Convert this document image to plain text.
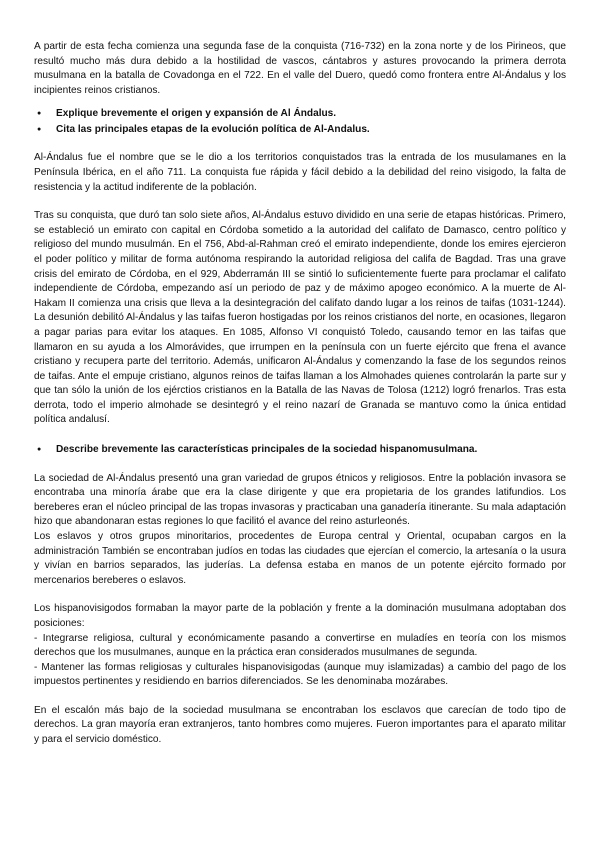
A partir de esta fecha comienza una segunda fase de la conquista (716-732) en la zona norte y de los Pirineos, que resultó mucho más dura debido a la hostilidad de vascos, cántabros y astures provocando la primera derrota musulmana en la batalla de Covadonga en el 722. En el valle del Duero, quedó como frontera entre Al-Ándalus y los incipientes reinos cristianos.

● Explique brevemente el origen y expansión de Al Ándalus.
● Cita las principales etapas de la evolución política de Al-Andalus.

Al-Ándalus fue el nombre que se le dio a los territorios conquistados tras la entrada de los musulamanes en la Península Ibérica, en el año 711. La conquista fue rápida y fácil debido a la debilidad del reino visigodo, la falta de resistencia y la actitud indiferente de la población.

Tras su conquista, que duró tan solo siete años, Al-Ándalus estuvo dividido en una serie de etapas históricas. Primero, se estableció un emirato con capital en Córdoba sometido a la autoridad del califato de Damasco, centro político y religioso del mundo musulmán. En el 756, Abd-al-Rahman creó el emirato independiente, donde los emires ejercieron el poder político y militar de forma autónoma respirando la autoridad religiosa del califa de Bagdad. Tras una grave crisis del emirato de Córdoba, en el 929, Abderramán III se sintió lo suficientemente fuerte para proclamar el califato independiente de Córdoba, empezando así un periodo de paz y de máximo apogeo económico. A la muerte de Al-Hakam II comienza una crisis que lleva a la desintegración del califato dando lugar a los reinos de taifas (1031-1244). La desunión debilitó Al-Ándalus y las taifas fueron hostigadas por los reinos cristianos del norte, en ocasiones, llegaron a pagar parias para evitar los ataques. En 1085, Alfonso VI conquistó Toledo, causando temor en las taifas que llamaron en su ayuda a los Almorávides, que irrumpen en la península con un fuerte ejército que frena el avance cristiano y recupera parte del territorio. Además, unificaron Al-Ándalus y comenzando la fase de los segundos reinos de taifas. Ante el empuje cristiano, algunos reinos de taifas llaman a los Almohades quienes controlarán la parte sur y que tan sólo la unión de los ejérctios cristianos en la Batalla de las Navas de Tolosa (1212) logró frenarlos. Tras esta derrota, todo el imperio almohade se desintegró y el reino nazarí de Granada se mantuvo como la única entidad política andalusí.

● Describe brevemente las características principales de la sociedad hispanomusulmana.

La sociedad de Al-Ándalus presentó una gran variedad de grupos étnicos y religiosos. Entre la población invasora se encontraba una minoría árabe que era la clase dirigente y que era propietaria de los grandes latifundios. Los bereberes eran el núcleo principal de las tropas invasoras y practicaban una ganadería itinerante. Su mala adaptación hizo que abandonaran estas regiones lo que facilitó el avance del reino asturleonés.

Los eslavos y otros grupos minoritarios, procedentes de Europa central y Oriental, ocupaban cargos en la administración También se encontraban judíos en todas las ciudades que ejercían el comercio, la artesanía o la usura y vivían en barrios separados, las juderías. La defensa estaba en manos de un potente ejército formado por mercenarios bereberes o eslavos.

Los hispanovisigodos formaban la mayor parte de la población y frente a la dominación musulmana adoptaban dos posiciones:

- Integrarse religiosa, cultural y económicamente pasando a convertirse en muladíes en teoría con los mismos derechos que los musulmanes, aunque en la práctica eran considerados musulmanes de segunda.

- Mantener las formas religiosas y culturales hispanovisigodas (aunque muy islamizadas) a cambio del pago de los impuestos pertinentes y residiendo en barrios diferenciados. Se les denominaba mozárabes.

En el escalón más bajo de la sociedad musulmana se encontraban los esclavos que carecían de todo tipo de derechos. La gran mayoría eran extranjeros, tanto hombres como mujeres. Fueron importantes para el aparato militar y para el servicio doméstico.
